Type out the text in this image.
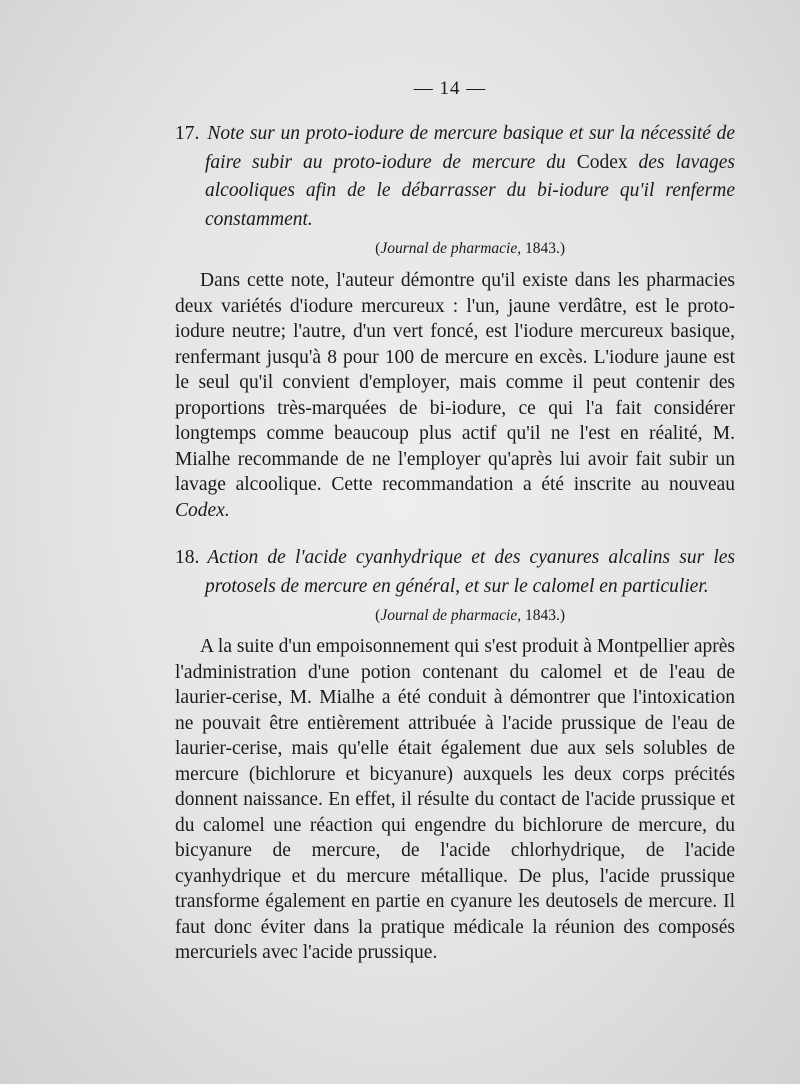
— 14 —
17. Note sur un proto-iodure de mercure basique et sur la nécessité de faire subir au proto-iodure de mercure du Codex des lavages alcooliques afin de le débarrasser du bi-iodure qu'il renferme constamment.
(Journal de pharmacie, 1843.)
Dans cette note, l'auteur démontre qu'il existe dans les pharmacies deux variétés d'iodure mercureux : l'un, jaune verdâtre, est le proto-iodure neutre; l'autre, d'un vert foncé, est l'iodure mercureux basique, renfermant jusqu'à 8 pour 100 de mercure en excès. L'iodure jaune est le seul qu'il convient d'employer, mais comme il peut contenir des proportions très-marquées de bi-iodure, ce qui l'a fait considérer longtemps comme beaucoup plus actif qu'il ne l'est en réalité, M. Mialhe recommande de ne l'employer qu'après lui avoir fait subir un lavage alcoolique. Cette recommandation a été inscrite au nouveau Codex.
18. Action de l'acide cyanhydrique et des cyanures alcalins sur les protosels de mercure en général, et sur le calomel en particulier.
(Journal de pharmacie, 1843.)
A la suite d'un empoisonnement qui s'est produit à Montpellier après l'administration d'une potion contenant du calomel et de l'eau de laurier-cerise, M. Mialhe a été conduit à démontrer que l'intoxication ne pouvait être entièrement attribuée à l'acide prussique de l'eau de laurier-cerise, mais qu'elle était également due aux sels solubles de mercure (bichlorure et bicyanure) auxquels les deux corps précités donnent naissance. En effet, il résulte du contact de l'acide prussique et du calomel une réaction qui engendre du bichlorure de mercure, du bicyanure de mercure, de l'acide chlorhydrique, de l'acide cyanhydrique et du mercure métallique. De plus, l'acide prussique transforme également en partie en cyanure les deutosels de mercure. Il faut donc éviter dans la pratique médicale la réunion des composés mercuriels avec l'acide prussique.
